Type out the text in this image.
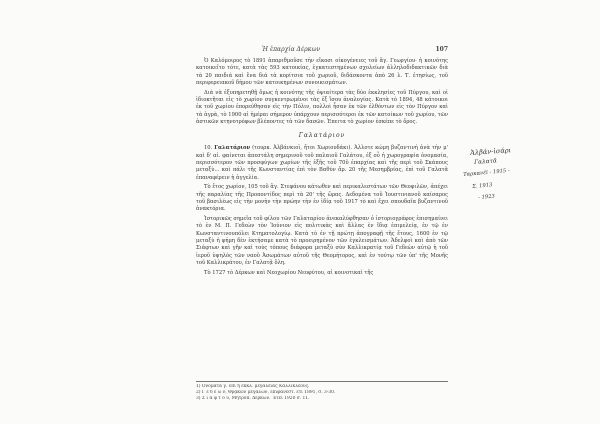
Ἡ ἐπαρχία Δέρκων	107

Ὁ Καλόμοιρος τὸ 1891 ἀπαριθμοῦσε τὴν εἴκοσι οἰκογένειες τοῦ ἄγ. Γεωργίου· ἡ κοινότης κατοικεῖτο τότε, κατὰ τὰς 593 κατοικίας, ἐγκατεστημένων σχολείων ἀλληλοδιδακτικῶν διὰ τὰ 20 παιδιά καὶ ἔνα διά τὰ κορίτσια τοῦ χωριοῦ, διδάσκοντα ἀπὸ 26 λ. Τ. ἐτησίως, τοῦ περιφερειακοῦ δήμου τῶν κατοικημένων συνοικισμάτων.

Διά νὰ ἐξυπηρετηθῇ ὅμως ἡ κοινότης τῆς ὀψιαίτερα τὰς δύο ἐκκλησίες τοῦ Πύργου, καὶ οἱ ἰδιοκτῆται εἰς τὸ χωρίον συγκεντρωμένοι τὰς ἐξ ἴσου ἀναλογίας. Κατὰ τὸ 1894, 48 κάτοικοι ἐκ τοῦ χωρίου ἐπορεύθησαν εἰς τὴν Πόλιν, πολλοὶ ἦσαν ἐκ τῶν ἐλθόντων εἰς τὸν Πύργον καὶ τὰ ἀγρὰ, τὸ 1900 αἱ ἡμέραι σήμερον ὑπάρχουν περισσότεροι ἐκ τῶν κατοίκων τοῦ χωρίου, τῶν ἀστικῶν κτηνοτρόφων βλέποντες τὰ τῶν δασῶν. Ἐπειτα τὸ χωρίον ἐσκέπε τὸ ὄρος.

Γαλατάριον

10. Γαλατάριον (τουρκ. Ἀλβάνκιοϊ, ἤτοι Χωριουδάκι). Ἀλλοτε κώμη βυζαντινή ἀνὰ τὴν μ' καὶ δ' αἰ. φαίνεται ἀπεστάλη σημερινοῦ τοῦ παλαιοῦ Γαλάτου, ἐξ οὗ ἡ χωρογραφία ὁνομασία, περισσότερον τῶν προσφύγων χωρίων τῆς ἐξῆς τοῦ 70ῦ ἐπαρχίας καὶ τῆς περὶ τοῦ Σκάπους μεταξὺ... καὶ πάλι τῆς Κωνσταντίας ἐπὶ τὸν Βαθύν ἄρ. 20 τῆς Μεσημβρίας, ἐπὶ τοῦ Γαλατᾶ ἐπαναφέρειν ἡ ἀγγελία.

Τὸ ἔτος χωρίον, 105 τοῦ ἄγ. Στεφάνου κάτωθεν καὶ περικαλεστάτων τῶν Θεοφιλῶν, ἀπέχει τῆς παραλίας τῆς Προποντίδος περὶ τὰ 20' τῆς ὥρας. Δεδομένα τοῦ Ἰουστινιανοῦ καίσαρος τοῦ βασιλέως εἰς τὴν μονὴν τὴν πρώην τὴν ἐν ἰδίᾳ τοῦ 1917 τὸ καὶ ἔχει σπουδαῖα βυζαντινοῦ ἀνακτόρια.

Ἰστορικῶς σημεῖα τοῦ φίλου τῶν Γαλαταρίου ἀνεκαλύφθησαν ὁ ἱστοριογράφος ἐπισημαίνει τὸ ἐν Μ. Π. Γεδεὼν τὸν Ἱούνιον εἰς πολιτικὰς καὶ ἄλλας ἐν ἴδιᾳ ἐπιμελείᾳ, ἐν τῷ ἐν Κωνσταντινουπόλει Κτηματολογίῳ. Κατὰ τὸ ἐν τῇ πρώτῃ ἀπογραφῇ τῆς ἔτους, 1600 ἐν τῷ μεταξὺ ἡ φήμη δὲν ἐκτήσαμε κατὰ τὸ προειρημένον τῶν ἐγκλεισμάτων. Ἀδελφοὶ καὶ ἀπὸ τῶν Σιάφτων καὶ γῆν καὶ τοὺς τόπους διάφορα μεταξὺ σὺν Καλλικρατίᾳ τοῦ Γεδεὼν αὐτῷ ἡ τοῦ ἰεροῦ ὑψηλὸς τῶν ναοῦ Ἀσωμάτων αὐτοῦ τῆς Θεομήτορος, καὶ ἐν τούτῳ τῶν ὑπ' τῆς Μονῆς τοῦ Καλλικράτου, ἐν Γαλατᾷ ὅλη.

Τὸ 1727 τὸ Δέρκων καὶ Νεοχωρίου Νεοφύτου, αἱ κοινοτικαὶ τῆς

1) Ὀνόματα γ. ἐπὶ ἡ ἐκκλ. μεγαλείας Καλλικλέους.
2) Γ ε δ ε ὼ ν, Θρᾳκῶν μεγάλων, ἐπιφανέστ. ἔτι 1891, σ. 3-30.
3) Σ ι ά φ τ ο υ, Μητρόπ. Δέρκων. Ἔτει 1920 σ. 11.
Ἀλβάν-ἱσάρι
Γαλατᾶ
Ταρκανέϊ - 1915 -
Σ. 1913
- 1923
